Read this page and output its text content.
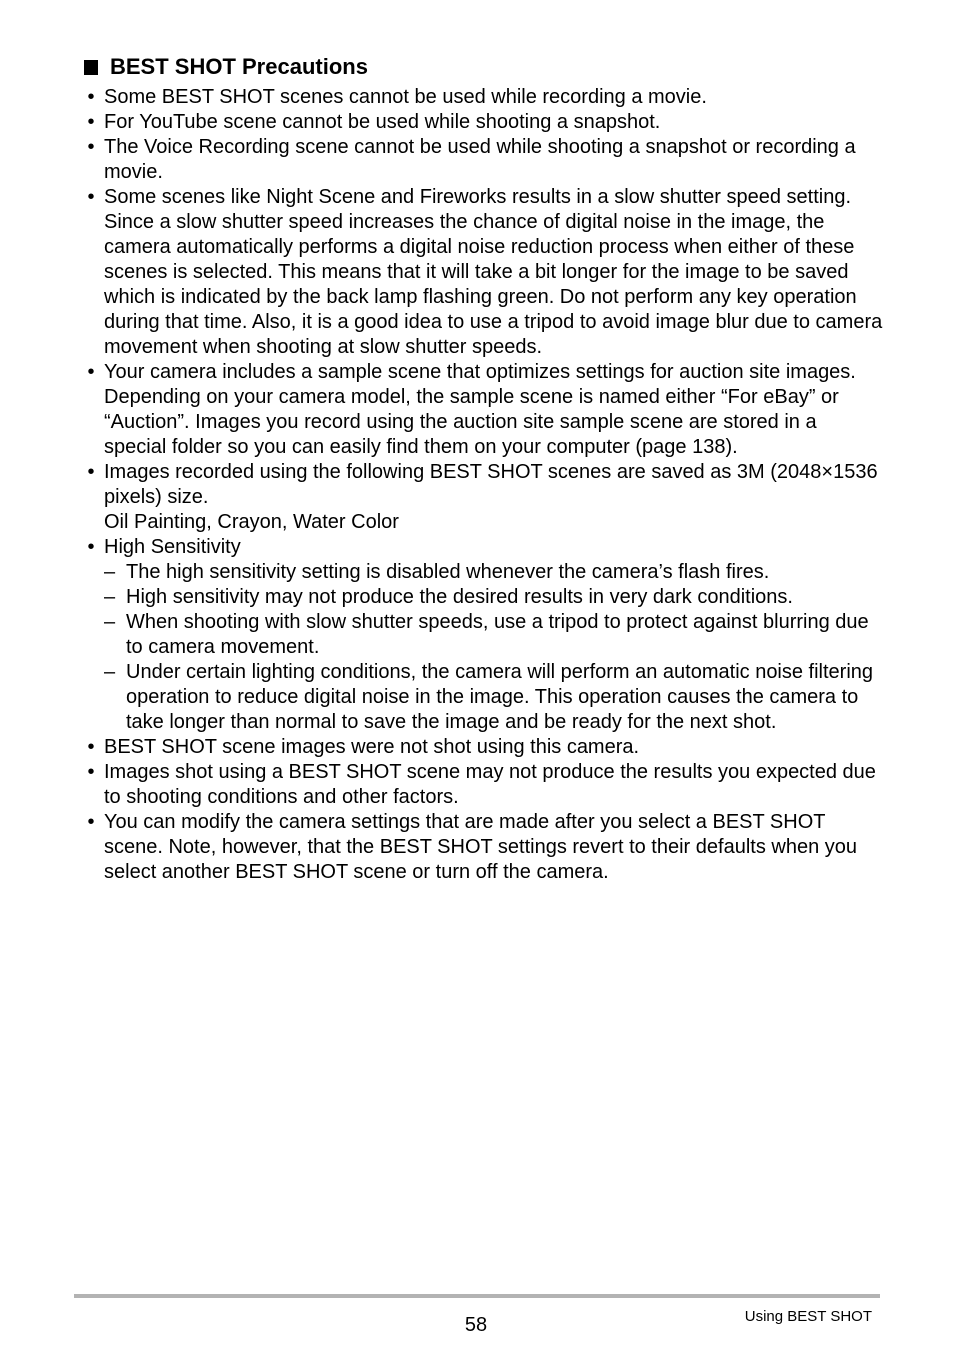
BEST SHOT Precautions
• Some BEST SHOT scenes cannot be used while recording a movie.
• For YouTube scene cannot be used while shooting a snapshot.
• The Voice Recording scene cannot be used while shooting a snapshot or recording a movie.
• Some scenes like Night Scene and Fireworks results in a slow shutter speed setting. Since a slow shutter speed increases the chance of digital noise in the image, the camera automatically performs a digital noise reduction process when either of these scenes is selected. This means that it will take a bit longer for the image to be saved which is indicated by the back lamp flashing green. Do not perform any key operation during that time. Also, it is a good idea to use a tripod to avoid image blur due to camera movement when shooting at slow shutter speeds.
• Your camera includes a sample scene that optimizes settings for auction site images. Depending on your camera model, the sample scene is named either “For eBay” or “Auction”. Images you record using the auction site sample scene are stored in a special folder so you can easily find them on your computer (page 138).
• Images recorded using the following BEST SHOT scenes are saved as 3M (2048×1536 pixels) size.
Oil Painting, Crayon, Water Color
• High Sensitivity
– The high sensitivity setting is disabled whenever the camera’s flash fires.
– High sensitivity may not produce the desired results in very dark conditions.
– When shooting with slow shutter speeds, use a tripod to protect against blurring due to camera movement.
– Under certain lighting conditions, the camera will perform an automatic noise filtering operation to reduce digital noise in the image. This operation causes the camera to take longer than normal to save the image and be ready for the next shot.
• BEST SHOT scene images were not shot using this camera.
• Images shot using a BEST SHOT scene may not produce the results you expected due to shooting conditions and other factors.
• You can modify the camera settings that are made after you select a BEST SHOT scene. Note, however, that the BEST SHOT settings revert to their defaults when you select another BEST SHOT scene or turn off the camera.
58	Using BEST SHOT
